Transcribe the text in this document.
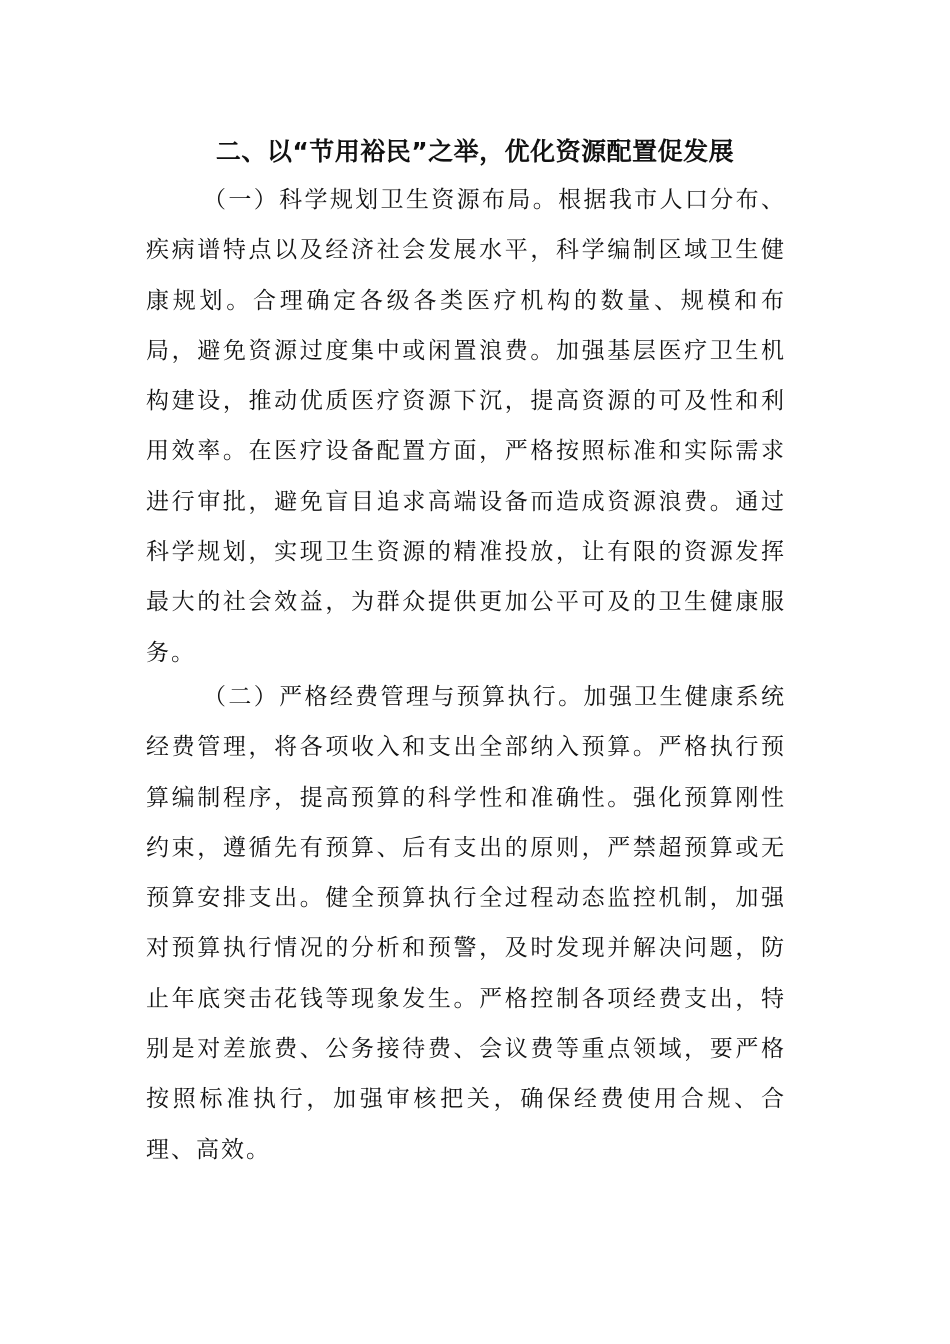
二、以“节用裕民”之举，优化资源配置促发展

（一）科学规划卫生资源布局。根据我市人口分布、疾病谱特点以及经济社会发展水平，科学编制区域卫生健康规划。合理确定各级各类医疗机构的数量、规模和布局，避免资源过度集中或闲置浪费。加强基层医疗卫生机构建设，推动优质医疗资源下沉，提高资源的可及性和利用效率。在医疗设备配置方面，严格按照标准和实际需求进行审批，避免盲目追求高端设备而造成资源浪费。通过科学规划，实现卫生资源的精准投放，让有限的资源发挥最大的社会效益，为群众提供更加公平可及的卫生健康服务。

（二）严格经费管理与预算执行。加强卫生健康系统经费管理，将各项收入和支出全部纳入预算。严格执行预算编制程序，提高预算的科学性和准确性。强化预算刚性约束，遵循先有预算、后有支出的原则，严禁超预算或无预算安排支出。健全预算执行全过程动态监控机制，加强对预算执行情况的分析和预警，及时发现并解决问题，防止年底突击花钱等现象发生。严格控制各项经费支出，特别是对差旅费、公务接待费、会议费等重点领域，要严格按照标准执行，加强审核把关，确保经费使用合规、合理、高效。
